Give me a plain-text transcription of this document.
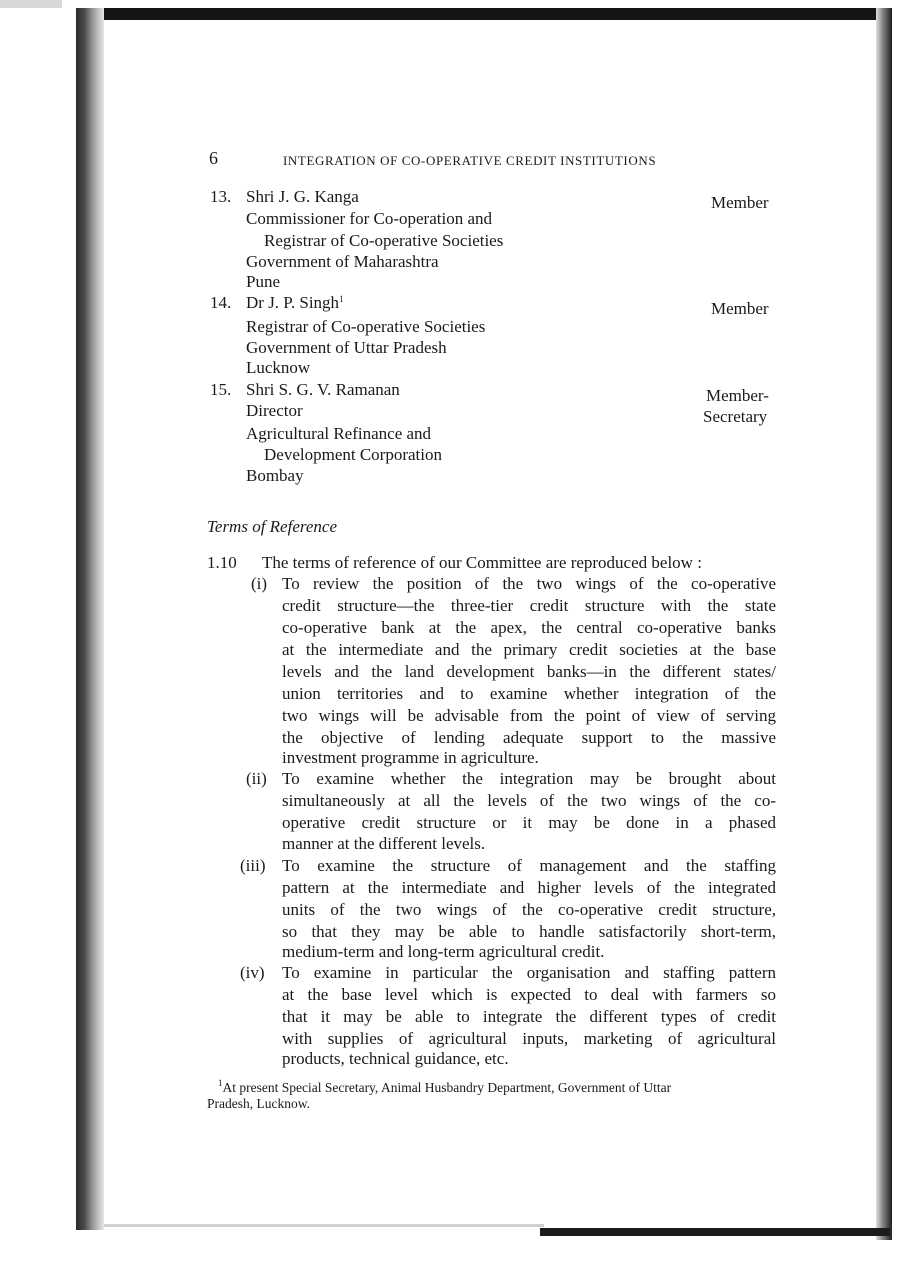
6	INTEGRATION OF CO-OPERATIVE CREDIT INSTITUTIONS
13. Shri J. G. Kanga
Commissioner for Co-operation and
Registrar of Co-operative Societies
Government of Maharashtra
Pune
Member
14. Dr J. P. Singh$^1$
Registrar of Co-operative Societies
Government of Uttar Pradesh
Lucknow
Member
15. Shri S. G. V. Ramanan
Director
Agricultural Refinance and
Development Corporation
Bombay
Member-
Secretary
Terms of Reference
1.10 The terms of reference of our Committee are reproduced below :
(i) To review the position of the two wings of the co-operative
credit structure—the three-tier credit structure with the state
co-operative bank at the apex, the central co-operative banks
at the intermediate and the primary credit societies at the base
levels and the land development banks—in the different states/
union territories and to examine whether integration of the
two wings will be advisable from the point of view of serving
the objective of lending adequate support to the massive
investment programme in agriculture.
(ii) To examine whether the integration may be brought about
simultaneously at all the levels of the two wings of the co-
operative credit structure or it may be done in a phased
manner at the different levels.
(iii) To examine the structure of management and the staffing
pattern at the intermediate and higher levels of the integrated
units of the two wings of the co-operative credit structure,
so that they may be able to handle satisfactorily short-term,
medium-term and long-term agricultural credit.
(iv) To examine in particular the organisation and staffing pattern
at the base level which is expected to deal with farmers so
that it may be able to integrate the different types of credit
with supplies of agricultural inputs, marketing of agricultural
products, technical guidance, etc.
$^1$At present Special Secretary, Animal Husbandry Department, Government of Uttar
Pradesh, Lucknow.
